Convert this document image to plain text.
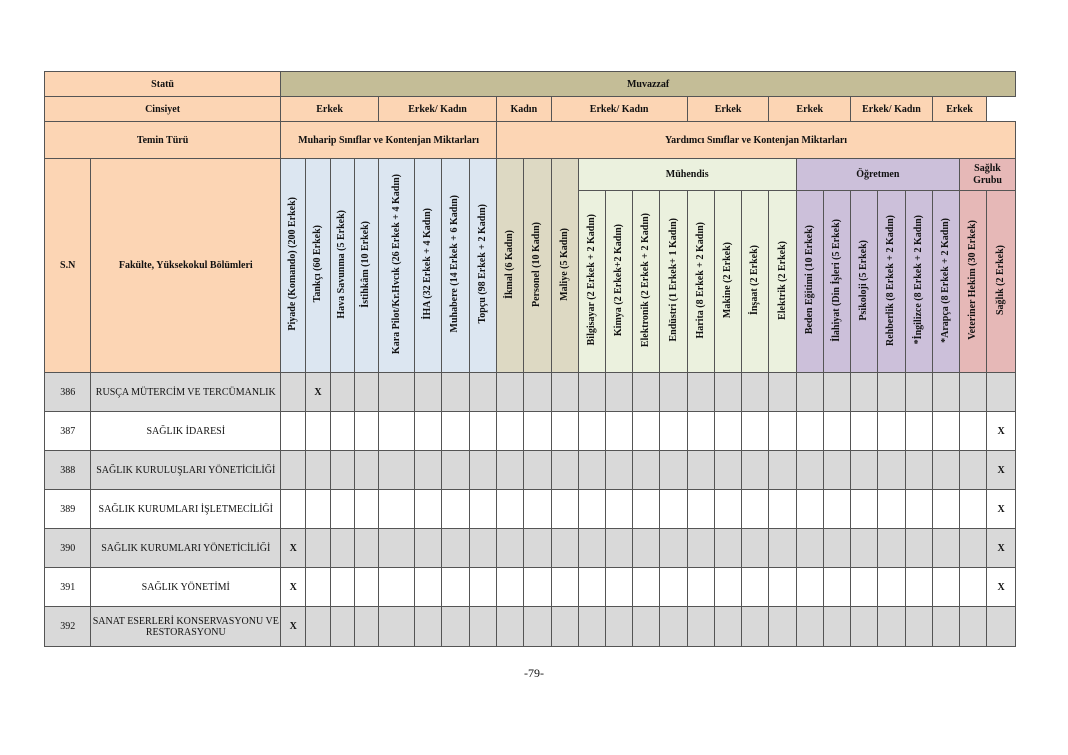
Statü		Muvazzaf																										
Cinsiyet		Erkek				Erkek/ Kadın				Kadın		Erkek/ Kadın					Erkek			Erkek			Erkek/ Kadın			Erkek		
Temin Türü		Muharip Sınıflar ve Kontenjan Miktarları								Yardımcı Sınıflar ve Kontenjan Miktarları																		
S.N	Fakülte, Yüksekokul Bölümleri	Piyade (Komando) (200 Erkek)	Tankçı (60 Erkek)	Hava Savunma (5 Erkek)	İstihkâm (10 Erkek)	Kara Pilot/Kr.Hvcık (26 Erkek + 4 Kadın)	İHA (32 Erkek + 4 Kadın)	Muhabere (14 Erkek + 6 Kadın)	Topçu (98 Erkek + 2 Kadın)	İkmal (6 Kadın)	Personel (10 Kadın)	Maliye (5 Kadın)	Mühendis								Öğretmen						Sağlık Grubu	
													Bilgisayar (2 Erkek + 2 Kadın)	Kimya (2 Erkek+2 Kadın)	Elektronik (2 Erkek + 2 Kadın)	Endüstri (1 Erkek+ 1 Kadın)	Harita (8 Erkek + 2 Kadın)	Makine (2 Erkek)	İnşaat (2 Erkek)	Elektrik (2 Erkek)	Beden Eğitimi (10 Erkek)	İlahiyat (Din İşleri (5 Erkek)	Psikoloji (5 Erkek)	Rehberlik (8 Erkek + 2 Kadın)	*İngilizce (8 Erkek + 2 Kadın)	*Arapça (8 Erkek + 2 Kadın)	Veteriner Hekim (30 Erkek)	Sağlık (2 Erkek)
386	RUSÇA MÜTERCİM VE TERCÜMANLIK		X																									
387	SAĞLIK İDARESİ																											X
388	SAĞLIK KURULUŞLARI YÖNETİCİLİĞİ																											X
389	SAĞLIK KURUMLARI İŞLETMECİLİĞİ																											X
390	SAĞLIK KURUMLARI YÖNETİCİLİĞİ	X																										X
391	SAĞLIK YÖNETİMİ	X																										X
392	SANAT ESERLERİ KONSERVASYONU VE RESTORASYONU	X																										
-79-
